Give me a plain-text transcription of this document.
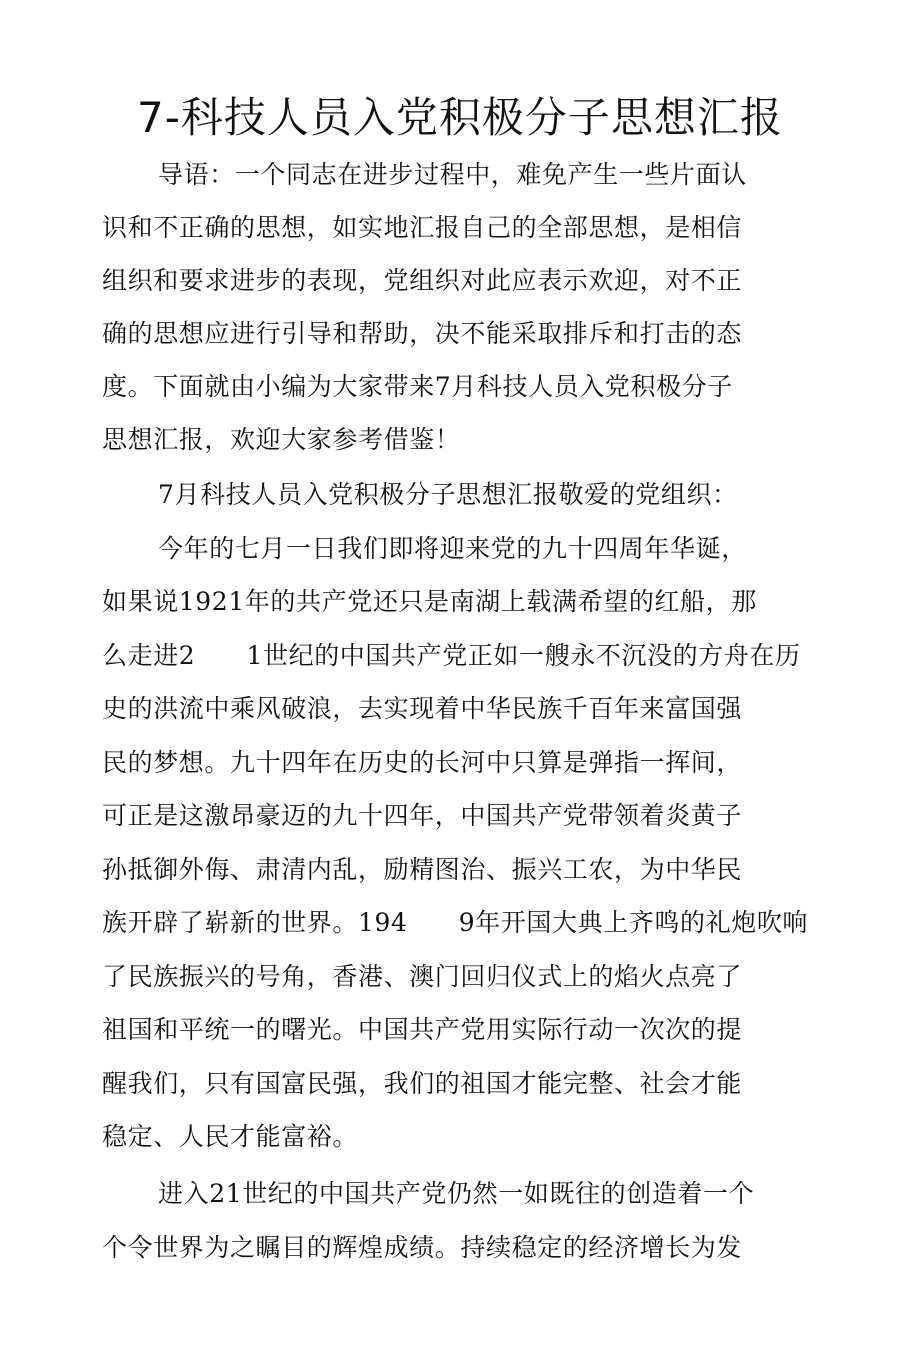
7-科技人员入党积极分子思想汇报
导语：一个同志在进步过程中，难免产生一些片面认
识和不正确的思想，如实地汇报自己的全部思想，是相信
组织和要求进步的表现，党组织对此应表示欢迎，对不正
确的思想应进行引导和帮助，决不能采取排斥和打击的态
度。下面就由小编为大家带来7月科技人员入党积极分子
思想汇报，欢迎大家参考借鉴！
7月科技人员入党积极分子思想汇报敬爱的党组织：
今年的七月一日我们即将迎来党的九十四周年华诞，
如果说1921年的共产党还只是南湖上载满希望的红船，那
么走进2　　1世纪的中国共产党正如一艘永不沉没的方舟在历
史的洪流中乘风破浪，去实现着中华民族千百年来富国强
民的梦想。九十四年在历史的长河中只算是弹指一挥间，
可正是这激昂豪迈的九十四年，中国共产党带领着炎黄子
孙抵御外侮、肃清内乱，励精图治、振兴工农，为中华民
族开辟了崭新的世界。194　　9年开国大典上齐鸣的礼炮吹响
了民族振兴的号角，香港、澳门回归仪式上的焰火点亮了
祖国和平统一的曙光。中国共产党用实际行动一次次的提
醒我们，只有国富民强，我们的祖国才能完整、社会才能
稳定、人民才能富裕。
进入21世纪的中国共产党仍然一如既往的创造着一个
个令世界为之瞩目的辉煌成绩。持续稳定的经济增长为发
